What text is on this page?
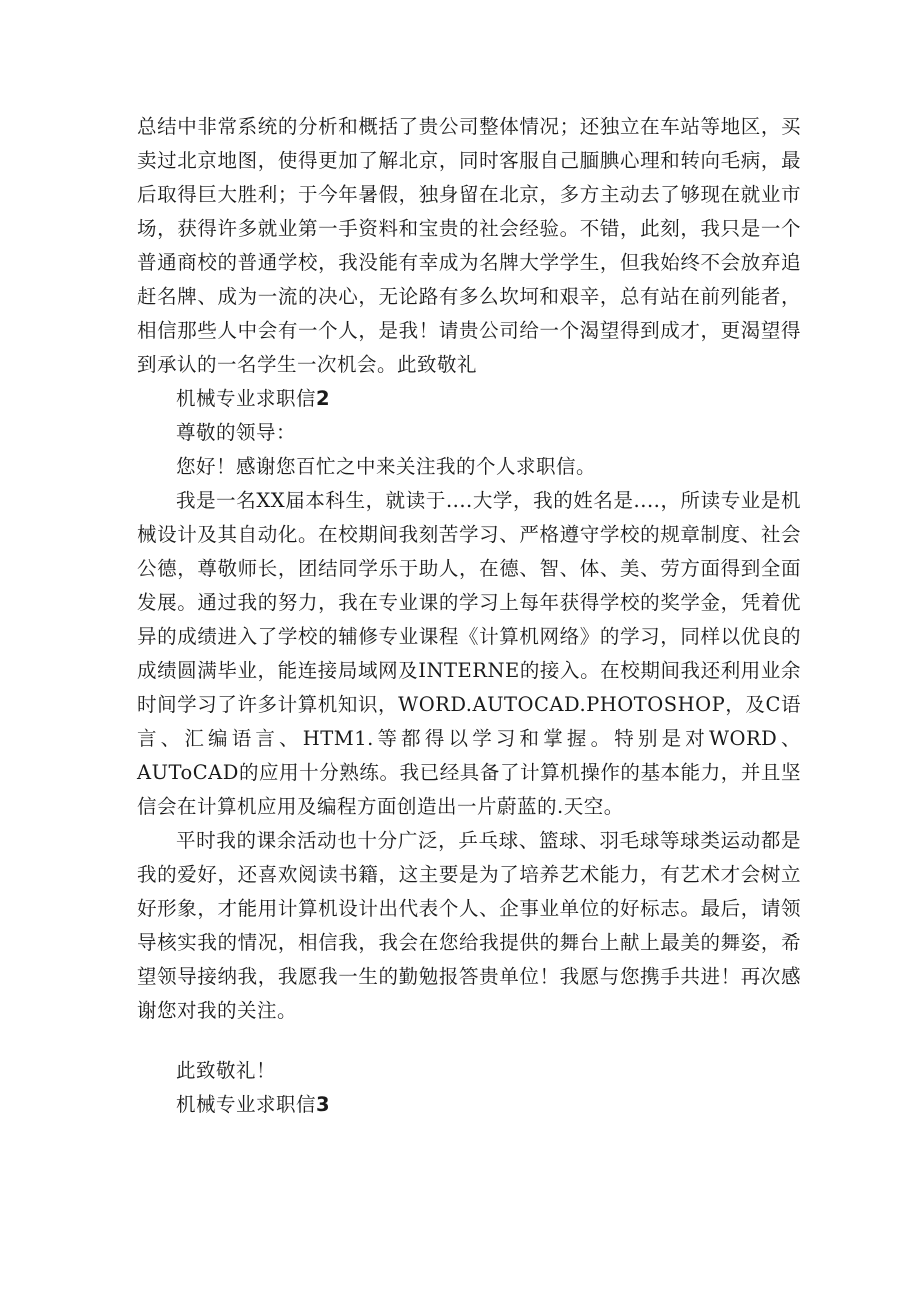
总结中非常系统的分析和概括了贵公司整体情况；还独立在车站等地区，买卖过北京地图，使得更加了解北京，同时客服自己腼腆心理和转向毛病，最后取得巨大胜利；于今年暑假，独身留在北京，多方主动去了够现在就业市场，获得许多就业第一手资料和宝贵的社会经验。不错，此刻，我只是一个普通商校的普通学校，我没能有幸成为名牌大学学生，但我始终不会放弃追赶名牌、成为一流的决心，无论路有多么坎坷和艰辛，总有站在前列能者，相信那些人中会有一个人，是我！请贵公司给一个渴望得到成才，更渴望得到承认的一名学生一次机会。此致敬礼

机械专业求职信2

尊敬的领导：

您好！感谢您百忙之中来关注我的个人求职信。

我是一名XX届本科生，就读于....大学，我的姓名是....，所读专业是机械设计及其自动化。在校期间我刻苦学习、严格遵守学校的规章制度、社会公德，尊敬师长，团结同学乐于助人，在德、智、体、美、劳方面得到全面发展。通过我的努力，我在专业课的学习上每年获得学校的奖学金，凭着优异的成绩进入了学校的辅修专业课程《计算机网络》的学习，同样以优良的成绩圆满毕业，能连接局域网及INTERNE的接入。在校期间我还利用业余时间学习了许多计算机知识，WORD.AUTOCAD.PHOTOSHOP，及C语言、汇编语言、HTM1.等都得以学习和掌握。特别是对WORD、AUToCAD的应用十分熟练。我已经具备了计算机操作的基本能力，并且坚信会在计算机应用及编程方面创造出一片蔚蓝的.天空。

平时我的课余活动也十分广泛，乒乓球、篮球、羽毛球等球类运动都是我的爱好，还喜欢阅读书籍，这主要是为了培养艺术能力，有艺术才会树立好形象，才能用计算机设计出代表个人、企事业单位的好标志。最后，请领导核实我的情况，相信我，我会在您给我提供的舞台上献上最美的舞姿，希望领导接纳我，我愿我一生的勤勉报答贵单位！我愿与您携手共进！再次感谢您对我的关注。

此致敬礼！

机械专业求职信3
